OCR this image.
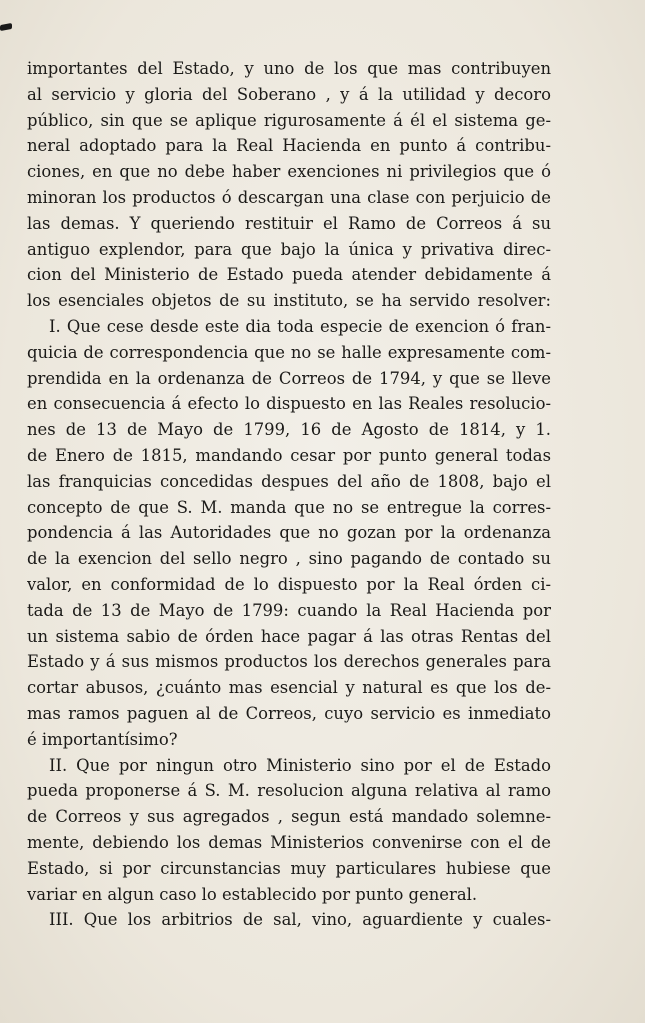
importantes del Estado, y uno de los que mas contribuyen
al servicio y gloria del Soberano , y á la utilidad y decoro
público, sin que se aplique rigurosamente á él el sistema ge-
neral adoptado para la Real Hacienda en punto á contribu-
ciones, en que no debe haber exenciones ni privilegios que ó
minoran los productos ó descargan una clase con perjuicio de
las demas. Y queriendo restituir el Ramo de Correos á su
antiguo explendor, para que bajo la única y privativa direc-
cion del Ministerio de Estado pueda atender debidamente á
los esenciales objetos de su instituto, se ha servido resolver:
I. Que cese desde este dia toda especie de exencion ó fran-
quicia de correspondencia que no se halle expresamente com-
prendida en la ordenanza de Correos de 1794, y que se lleve
en consecuencia á efecto lo dispuesto en las Reales resolucio-
nes de 13 de Mayo de 1799, 16 de Agosto de 1814, y 1.
de Enero de 1815, mandando cesar por punto general todas
las franquicias concedidas despues del año de 1808, bajo el
concepto de que S. M. manda que no se entregue la corres-
pondencia á las Autoridades que no gozan por la ordenanza
de la exencion del sello negro , sino pagando de contado su
valor, en conformidad de lo dispuesto por la Real órden ci-
tada de 13 de Mayo de 1799: cuando la Real Hacienda por
un sistema sabio de órden hace pagar á las otras Rentas del
Estado y á sus mismos productos los derechos generales para
cortar abusos, ¿cuánto mas esencial y natural es que los de-
mas ramos paguen al de Correos, cuyo servicio es inmediato
é importantísimo?
II. Que por ningun otro Ministerio sino por el de Estado
pueda proponerse á S. M. resolucion alguna relativa al ramo
de Correos y sus agregados , segun está mandado solemne-
mente, debiendo los demas Ministerios convenirse con el de
Estado, si por circunstancias muy particulares hubiese que
variar en algun caso lo establecido por punto general.
III. Que los arbitrios de sal, vino, aguardiente y cuales-
